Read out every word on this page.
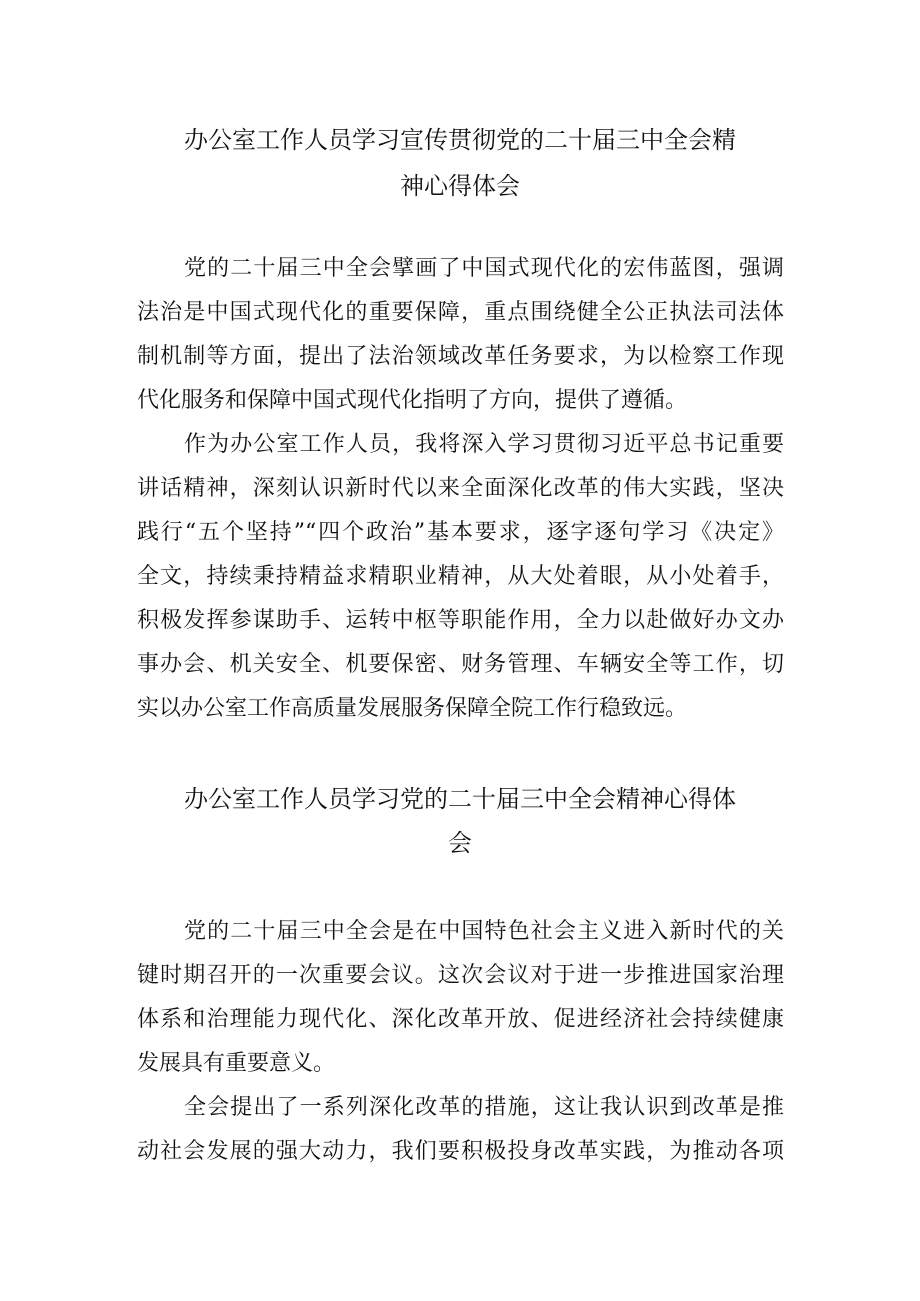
办公室工作人员学习宣传贯彻党的二十届三中全会精
神心得体会
党的二十届三中全会擘画了中国式现代化的宏伟蓝图，强调
法治是中国式现代化的重要保障，重点围绕健全公正执法司法体
制机制等方面，提出了法治领域改革任务要求，为以检察工作现
代化服务和保障中国式现代化指明了方向，提供了遵循。
作为办公室工作人员，我将深入学习贯彻习近平总书记重要
讲话精神，深刻认识新时代以来全面深化改革的伟大实践，坚决
践行“五个坚持”“四个政治”基本要求，逐字逐句学习《决定》
全文，持续秉持精益求精职业精神，从大处着眼，从小处着手，
积极发挥参谋助手、运转中枢等职能作用，全力以赴做好办文办
事办会、机关安全、机要保密、财务管理、车辆安全等工作，切
实以办公室工作高质量发展服务保障全院工作行稳致远。
办公室工作人员学习党的二十届三中全会精神心得体
会
党的二十届三中全会是在中国特色社会主义进入新时代的关
键时期召开的一次重要会议。这次会议对于进一步推进国家治理
体系和治理能力现代化、深化改革开放、促进经济社会持续健康
发展具有重要意义。
全会提出了一系列深化改革的措施，这让我认识到改革是推
动社会发展的强大动力，我们要积极投身改革实践，为推动各项
